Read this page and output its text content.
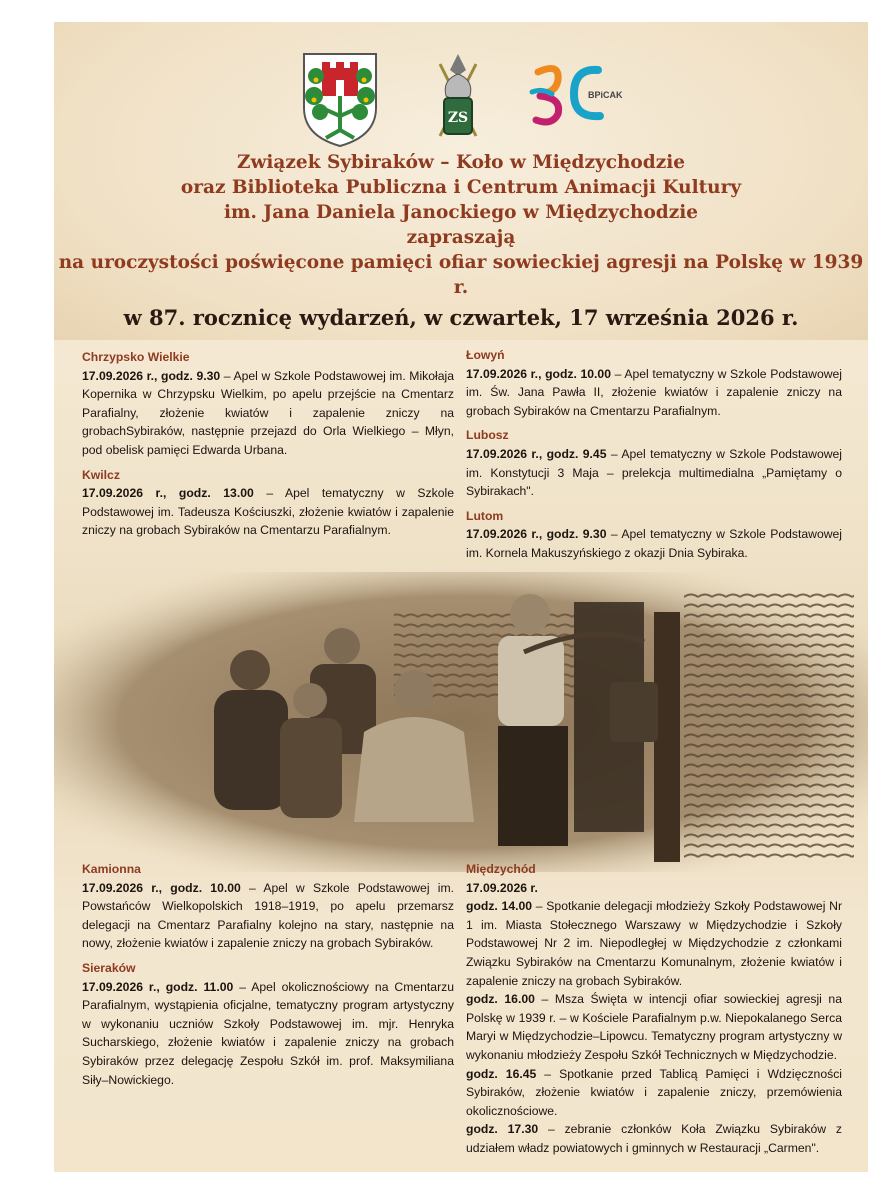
ZS
BPiCAK
Związek Sybiraków – Koło w Międzychodzie
oraz Biblioteka Publiczna i Centrum Animacji Kultury
im. Jana Daniela Janockiego w Międzychodzie
zapraszają
na uroczystości poświęcone pamięci ofiar sowieckiej agresji na Polskę w 1939 r.
w 87. rocznicę wydarzeń, w czwartek, 17 września 2026 r.
Chrzypsko Wielkie

17.09.2026 r., godz. 9.30 – Apel w Szkole Podstawowej im. Mikołaja Kopernika w Chrzypsku Wielkim, po apelu przejście na Cmentarz Parafialny, złożenie kwiatów i zapalenie zniczy na grobachSybiraków, następnie przejazd do Orla Wielkiego – Młyn, pod obelisk pamięci Edwarda Urbana.

Kwilcz

17.09.2026 r., godz. 13.00 – Apel tematyczny w Szkole Podstawowej im. Tadeusza Kościuszki, złożenie kwiatów i zapalenie zniczy na grobach Sybiraków na Cmentarzu Parafialnym.

Łowyń

17.09.2026 r., godz. 10.00 – Apel tematyczny w Szkole Podstawowej im. Św. Jana Pawła II, złożenie kwiatów i zapalenie zniczy na grobach Sybiraków na Cmentarzu Parafialnym.

Lubosz

17.09.2026 r., godz. 9.45 – Apel tematyczny w Szkole Podstawowej im. Konstytucji 3 Maja – prelekcja multimedialna „Pamiętamy o Sybirakach".

Lutom

17.09.2026 r., godz. 9.30 – Apel tematyczny w Szkole Podstawowej im. Kornela Makuszyńskiego z okazji Dnia Sybiraka.

Kamionna

17.09.2026 r., godz. 10.00 – Apel w Szkole Podstawowej im. Powstańców Wielkopolskich 1918–1919, po apelu przemarsz delegacji na Cmentarz Parafialny kolejno na stary, następnie na nowy, złożenie kwiatów i zapalenie zniczy na grobach Sybiraków.

Sieraków

17.09.2026 r., godz. 11.00 – Apel okolicznościowy na Cmentarzu Parafialnym, wystąpienia oficjalne, tematyczny program artystyczny w wykonaniu uczniów Szkoły Podstawowej im. mjr. Henryka Sucharskiego, złożenie kwiatów i zapalenie zniczy na grobach Sybiraków przez delegację Zespołu Szkół im. prof. Maksymiliana Siły–Nowickiego.

Międzychód

17.09.2026 r.

godz. 14.00 – Spotkanie delegacji młodzieży Szkoły Podstawowej Nr 1 im. Miasta Stołecznego Warszawy w Międzychodzie i Szkoły Podstawowej Nr 2 im. Niepodległej w Międzychodzie z członkami Związku Sybiraków na Cmentarzu Komunalnym, złożenie kwiatów i zapalenie zniczy na grobach Sybiraków.

godz. 16.00 – Msza Święta w intencji ofiar sowieckiej agresji na Polskę w 1939 r. – w Kościele Parafialnym p.w. Niepokalanego Serca Maryi w Międzychodzie–Lipowcu. Tematyczny program artystyczny w wykonaniu młodzieży Zespołu Szkół Technicznych w Międzychodzie.

godz. 16.45 – Spotkanie przed Tablicą Pamięci i Wdzięczności Sybiraków, złożenie kwiatów i zapalenie zniczy, przemówienia okolicznościowe.

godz. 17.30 – zebranie członków Koła Związku Sybiraków z udziałem władz powiatowych i gminnych w Restauracji „Carmen".
